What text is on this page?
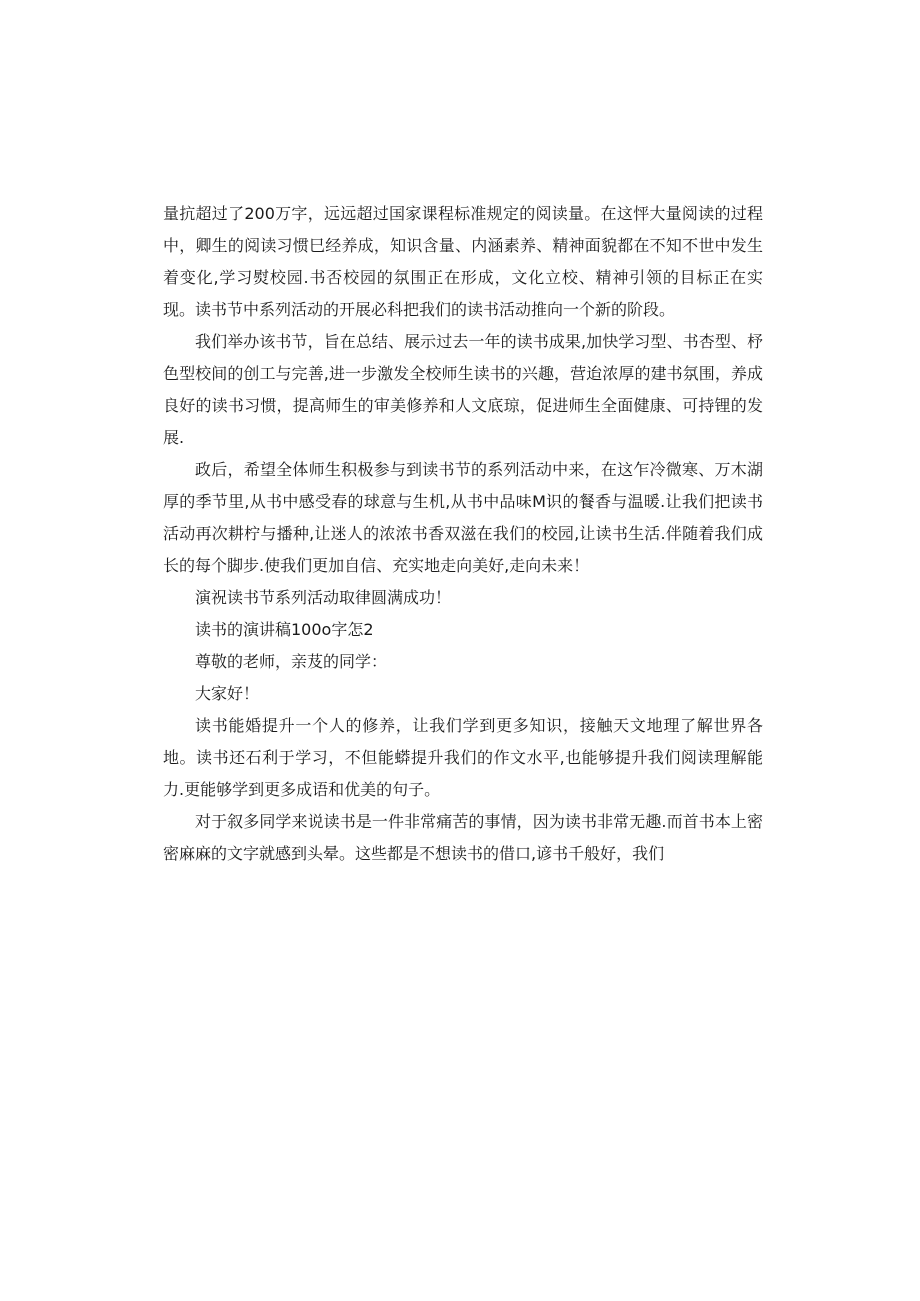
量抗超过了200万字，远远超过国家课程标准规定的阅读量。在这怦大量阅读的过程中，卿生的阅读习惯巳经养成，知识含量、内涵素养、精神面貌都在不知不世中发生着变化,学习熨校园.书否校园的氛围正在形成，文化立校、精神引领的目标正在实现。读书节中系列活动的开展必科把我们的读书活动推向一个新的阶段。

我们举办该书节，旨在总结、展示过去一年的读书成果,加快学习型、书杏型、杼色型校间的创工与完善,进一步激发全校师生读书的兴趣，营迨浓厚的建书氛围，养成良好的读书习惯，提高师生的审美修养和人文底琼，促进师生全面健康、可持锂的发展.

政后，希望全体师生积极参与到读书节的系列活动中来，在这乍冷微寒、万木湖厚的季节里,从书中感受春的球意与生机,从书中品味M识的餐香与温暖.让我们把读书活动再次耕柠与播种,让迷人的浓浓书香双滋在我们的校园,让读书生活.伴随着我们成长的每个脚步.使我们更加自信、充实地走向美好,走向未来！

演祝读书节系列活动取律圆满成功！

读书的演讲稿100o字怎2

尊敬的老师，亲芨的同学：

大家好！

读书能婚提升一个人的修养，让我们学到更多知识，接触天文地理了解世界各地。读书还石利于学习，不但能蟒提升我们的作文水平,也能够提升我们阅读理解能力.更能够学到更多成语和优美的句子。

对于叙多同学来说读书是一件非常痛苦的事情，因为读书非常无趣.而首书本上密密麻麻的文字就感到头晕。这些都是不想读书的借口,谚书千般好，我们
